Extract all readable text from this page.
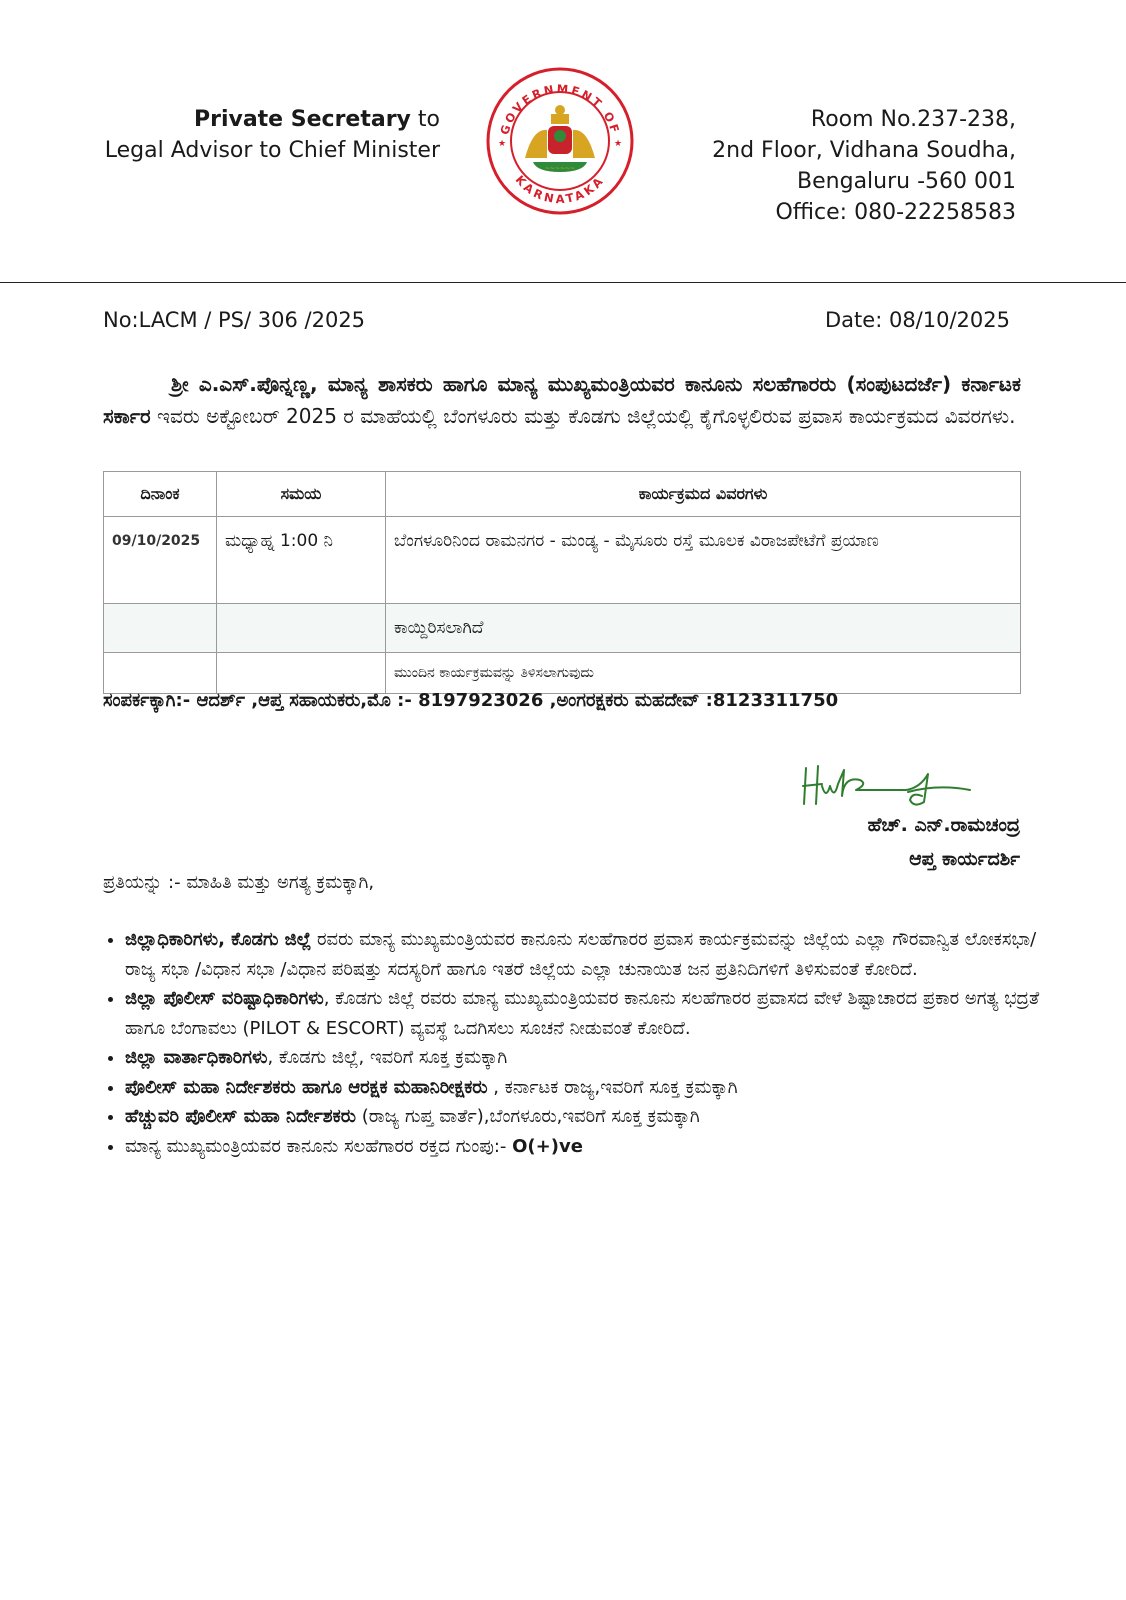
Private Secretary to
Legal Advisor to Chief Minister
GOVERNMENT OF
KARNATAKA
★	★
~~~~~~
Room No.237-238,
2nd Floor, Vidhana Soudha,
Bengaluru -560 001
Office: 080-22258583
No:LACM / PS/ 306 /2025	Date: 08/10/2025
ಶ್ರೀ ಎ.ಎಸ್.ಪೊನ್ನಣ್ಣ, ಮಾನ್ಯ ಶಾಸಕರು ಹಾಗೂ ಮಾನ್ಯ ಮುಖ್ಯಮಂತ್ರಿಯವರ ಕಾನೂನು ಸಲಹೆಗಾರರು (ಸಂಪುಟದರ್ಜೆ) ಕರ್ನಾಟಕ ಸರ್ಕಾರ ಇವರು ಅಕ್ಟೋಬರ್ 2025 ರ ಮಾಹೆಯಲ್ಲಿ ಬೆಂಗಳೂರು ಮತ್ತು ಕೊಡಗು ಜಿಲ್ಲೆಯಲ್ಲಿ ಕೈಗೊಳ್ಳಲಿರುವ ಪ್ರವಾಸ ಕಾರ್ಯಕ್ರಮದ ವಿವರಗಳು.
ದಿನಾಂಕ	ಸಮಯ	ಕಾರ್ಯಕ್ರಮದ ವಿವರಗಳು
09/10/2025	ಮಧ್ಯಾಹ್ನ 1:00 ನಿ	ಬೆಂಗಳೂರಿನಿಂದ ರಾಮನಗರ - ಮಂಡ್ಯ - ಮೈಸೂರು ರಸ್ತೆ ಮೂಲಕ ವಿರಾಜಪೇಟೆಗೆ ಪ್ರಯಾಣ
		ಕಾಯ್ದಿರಿಸಲಾಗಿದೆ
		ಮುಂದಿನ ಕಾರ್ಯಕ್ರಮವನ್ನು ತಿಳಿಸಲಾಗುವುದು
ಸಂಪರ್ಕಕ್ಕಾಗಿ:- ಆದರ್ಶ್ ,ಆಪ್ತ ಸಹಾಯಕರು,ಮೊ :- 8197923026 ,ಅಂಗರಕ್ಷಕರು ಮಹದೇವ್ :8123311750
ಹೆಚ್. ಎನ್.ರಾಮಚಂದ್ರ
ಆಪ್ತ ಕಾರ್ಯದರ್ಶಿ
ಪ್ರತಿಯನ್ನು :- ಮಾಹಿತಿ ಮತ್ತು ಅಗತ್ಯ ಕ್ರಮಕ್ಕಾಗಿ,
• ಜಿಲ್ಲಾಧಿಕಾರಿಗಳು, ಕೊಡಗು ಜಿಲ್ಲೆ ರವರು ಮಾನ್ಯ ಮುಖ್ಯಮಂತ್ರಿಯವರ ಕಾನೂನು ಸಲಹೆಗಾರರ ಪ್ರವಾಸ ಕಾರ್ಯಕ್ರಮವನ್ನು ಜಿಲ್ಲೆಯ ಎಲ್ಲಾ ಗೌರವಾನ್ವಿತ ಲೋಕಸಭಾ/ರಾಜ್ಯ ಸಭಾ /ವಿಧಾನ ಸಭಾ /ವಿಧಾನ ಪರಿಷತ್ತು ಸದಸ್ಯರಿಗೆ ಹಾಗೂ ಇತರೆ ಜಿಲ್ಲೆಯ ಎಲ್ಲಾ ಚುನಾಯಿತ ಜನ ಪ್ರತಿನಿದಿಗಳಿಗೆ ತಿಳಿಸುವಂತೆ ಕೋರಿದೆ.
• ಜಿಲ್ಲಾ ಪೊಲೀಸ್ ವರಿಷ್ಟಾಧಿಕಾರಿಗಳು, ಕೊಡಗು ಜಿಲ್ಲೆ ರವರು ಮಾನ್ಯ ಮುಖ್ಯಮಂತ್ರಿಯವರ ಕಾನೂನು ಸಲಹೆಗಾರರ ಪ್ರವಾಸದ ವೇಳೆ ಶಿಷ್ಟಾಚಾರದ ಪ್ರಕಾರ ಅಗತ್ಯ ಭದ್ರತೆ ಹಾಗೂ ಬೆಂಗಾವಲು (PILOT & ESCORT) ವ್ಯವಸ್ಥೆ ಒದಗಿಸಲು ಸೂಚನೆ ನೀಡುವಂತೆ ಕೋರಿದೆ.
• ಜಿಲ್ಲಾ ವಾರ್ತಾಧಿಕಾರಿಗಳು, ಕೊಡಗು ಜಿಲ್ಲೆ, ಇವರಿಗೆ ಸೂಕ್ತ ಕ್ರಮಕ್ಕಾಗಿ
• ಪೊಲೀಸ್ ಮಹಾ ನಿರ್ದೇಶಕರು ಹಾಗೂ ಆರಕ್ಷಕ ಮಹಾನಿರೀಕ್ಷಕರು , ಕರ್ನಾಟಕ ರಾಜ್ಯ,ಇವರಿಗೆ ಸೂಕ್ತ ಕ್ರಮಕ್ಕಾಗಿ
• ಹೆಚ್ಚುವರಿ ಪೊಲೀಸ್ ಮಹಾ ನಿರ್ದೇಶಕರು (ರಾಜ್ಯ ಗುಪ್ತ ವಾರ್ತೆ),ಬೆಂಗಳೂರು,ಇವರಿಗೆ ಸೂಕ್ತ ಕ್ರಮಕ್ಕಾಗಿ
• ಮಾನ್ಯ ಮುಖ್ಯಮಂತ್ರಿಯವರ ಕಾನೂನು ಸಲಹೆಗಾರರ ರಕ್ತದ ಗುಂಪು:- O(+)ve
